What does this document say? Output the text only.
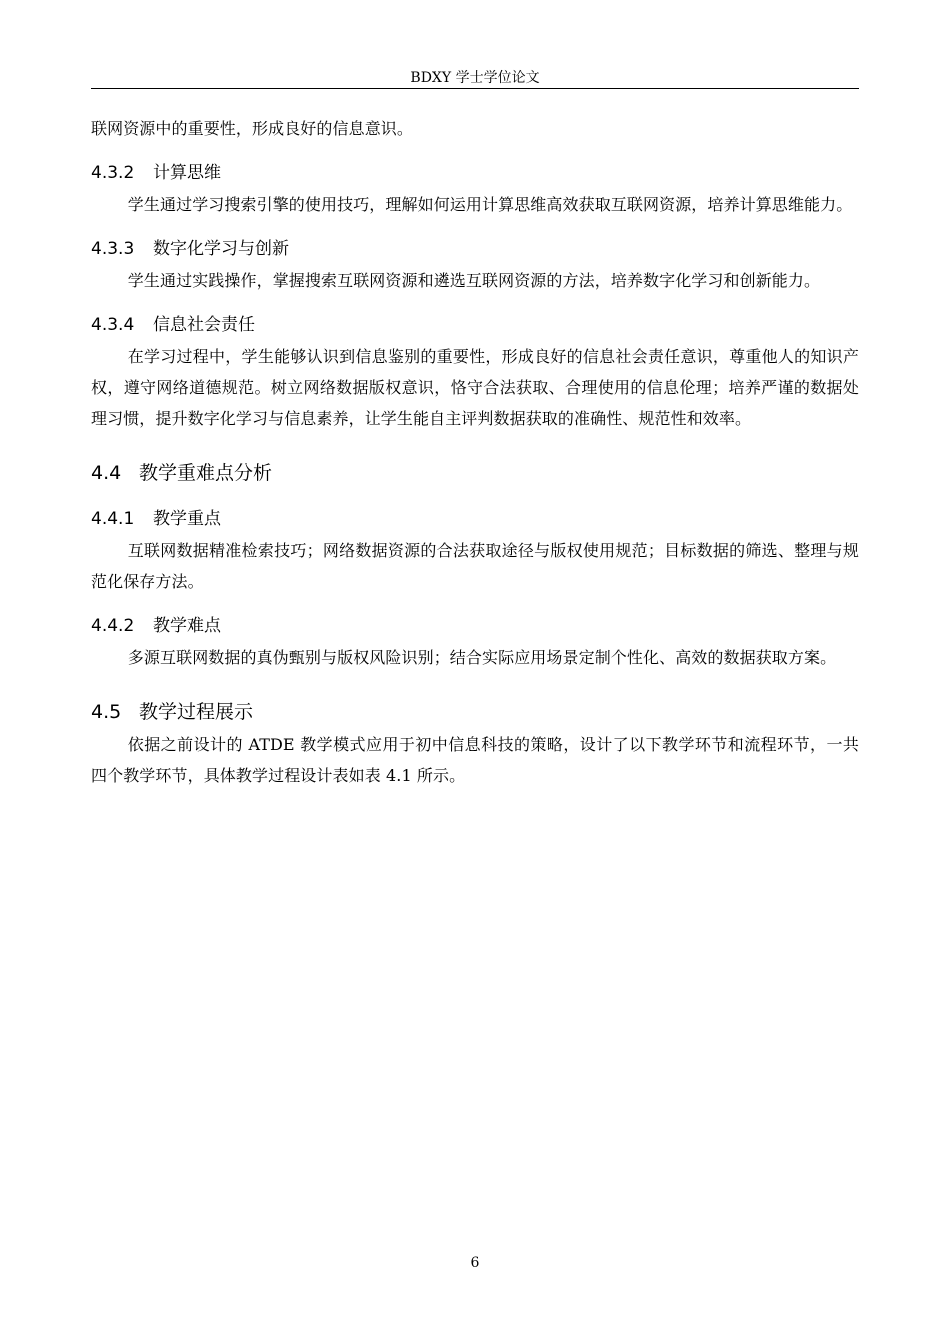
BDXY 学士学位论文

联网资源中的重要性，形成良好的信息意识。

4.3.2 计算思维

学生通过学习搜索引擎的使用技巧，理解如何运用计算思维高效获取互联网资源，培养计算思维能力。

4.3.3 数字化学习与创新

学生通过实践操作，掌握搜索互联网资源和遴选互联网资源的方法，培养数字化学习和创新能力。

4.3.4 信息社会责任

在学习过程中，学生能够认识到信息鉴别的重要性，形成良好的信息社会责任意识，尊重他人的知识产权，遵守网络道德规范。树立网络数据版权意识，恪守合法获取、合理使用的信息伦理；培养严谨的数据处理习惯，提升数字化学习与信息素养，让学生能自主评判数据获取的准确性、规范性和效率。

4.4 教学重难点分析
4.4.1 教学重点

互联网数据精准检索技巧；网络数据资源的合法获取途径与版权使用规范；目标数据的筛选、整理与规范化保存方法。

4.4.2 教学难点

多源互联网数据的真伪甄别与版权风险识别；结合实际应用场景定制个性化、高效的数据获取方案。

4.5 教学过程展示

依据之前设计的 ATDE 教学模式应用于初中信息科技的策略，设计了以下教学环节和流程环节，一共四个教学环节，具体教学过程设计表如表 4.1 所示。

6
